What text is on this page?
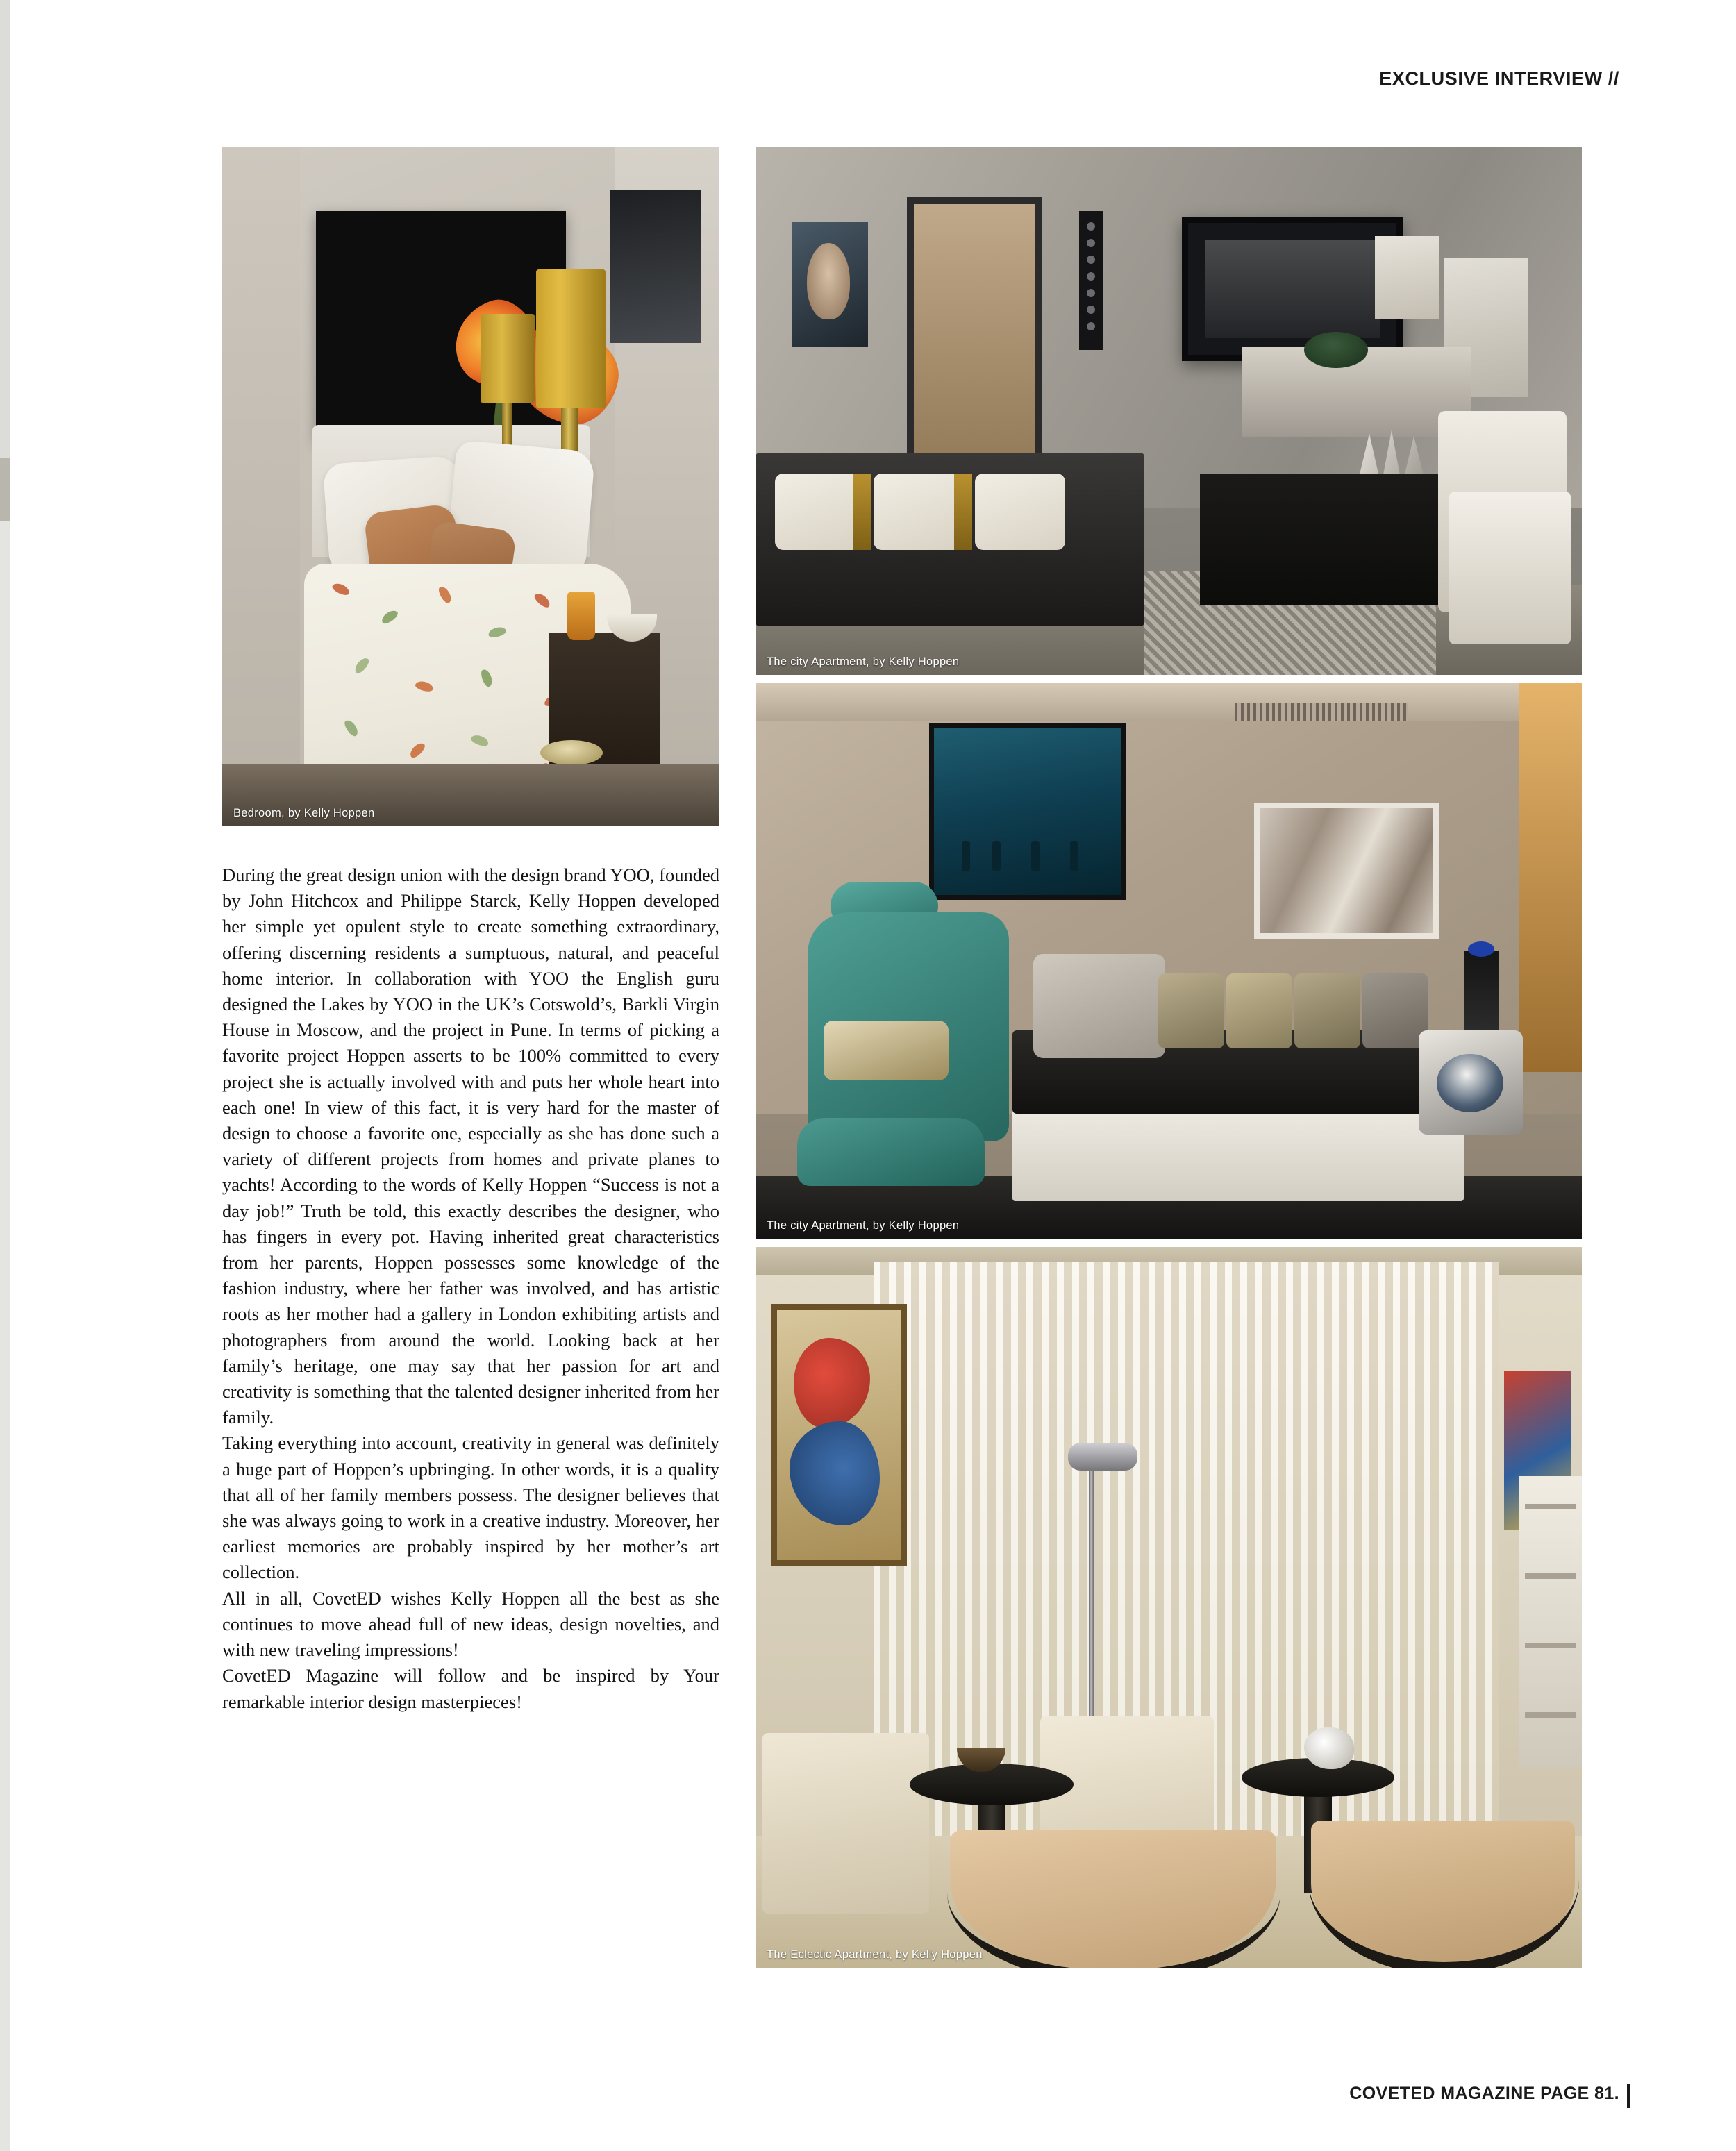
EXCLUSIVE INTERVIEW //
Bedroom, by Kelly Hoppen

During the great design union with the design brand YOO, founded by John Hitchcox and Philippe Starck, Kelly Hoppen developed her simple yet opulent style to create something extraordinary, offering discerning residents a sumptuous, natural, and peaceful home interior. In collaboration with YOO the English guru designed the Lakes by YOO in the UK’s Cotswold’s, Barkli Virgin House in Moscow, and the project in Pune. In terms of picking a favorite project Hoppen asserts to be 100% committed to every project she is actually involved with and puts her whole heart into each one! In view of this fact, it is very hard for the master of design to choose a favorite one, especially as she has done such a variety of different projects from homes and private planes to yachts! According to the words of Kelly Hoppen “Success is not a day job!” Truth be told, this exactly describes the designer, who has fingers in every pot. Having inherited great characteristics from her parents, Hoppen possesses some knowledge of the fashion industry, where her father was involved, and has artistic roots as her mother had a gallery in London exhibiting artists and photographers from around the world. Looking back at her family’s heritage, one may say that her passion for art and creativity is something that the talented designer inherited from her family.

Taking everything into account, creativity in general was definitely a huge part of Hoppen’s upbringing. In other words, it is a quality that all of her family members possess. The designer believes that she was always going to work in a creative industry. Moreover, her earliest memories are probably inspired by her mother’s art collection.

All in all, CovetED wishes Kelly Hoppen all the best as she continues to move ahead full of new ideas, design novelties, and with new traveling impressions!

CovetED Magazine will follow and be inspired by Your remarkable interior design masterpieces!

The city Apartment, by Kelly Hoppen
The city Apartment, by Kelly Hoppen
The Eclectic Apartment, by Kelly Hoppen
COVETED MAGAZINE PAGE 81.
